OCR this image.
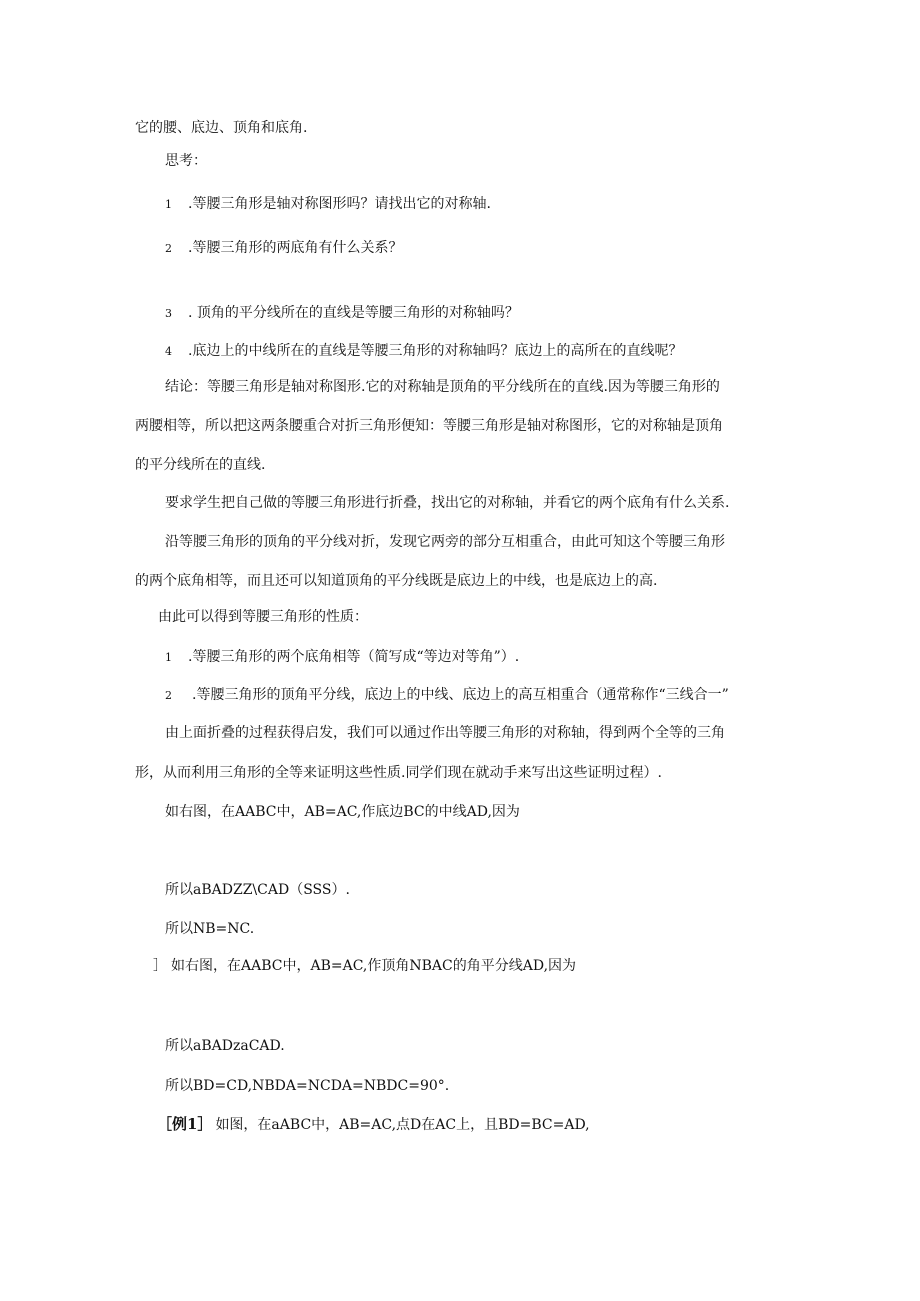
它的腰、底边、顶角和底角.
思考：
1 .等腰三角形是轴对称图形吗？请找出它的对称轴.
2 .等腰三角形的两底角有什么关系？
3 . 顶角的平分线所在的直线是等腰三角形的对称轴吗？
4 .底边上的中线所在的直线是等腰三角形的对称轴吗？底边上的高所在的直线呢？
结论：等腰三角形是轴对称图形.它的对称轴是顶角的平分线所在的直线.因为等腰三角形的
两腰相等，所以把这两条腰重合对折三角形便知：等腰三角形是轴对称图形，它的对称轴是顶角
的平分线所在的直线.
要求学生把自己做的等腰三角形进行折叠，找出它的对称轴，并看它的两个底角有什么关系.
沿等腰三角形的顶角的平分线对折，发现它两旁的部分互相重合，由此可知这个等腰三角形
的两个底角相等，而且还可以知道顶角的平分线既是底边上的中线，也是底边上的高.
由此可以得到等腰三角形的性质：
1 .等腰三角形的两个底角相等（简写成“等边对等角”）.
2 .等腰三角形的顶角平分线，底边上的中线、底边上的高互相重合（通常称作“三线合一”
由上面折叠的过程获得启发，我们可以通过作出等腰三角形的对称轴，得到两个全等的三角
形，从而利用三角形的全等来证明这些性质.同学们现在就动手来写出这些证明过程）.
如右图，在AABC中，AB=AC,作底边BC的中线AD,因为
所以aBADZZ\CAD（SSS）.
所以NB=NC.
］ 如右图，在AABC中，AB=AC,作顶角NBAC的角平分线AD,因为
所以aBADzaCAD.
所以BD=CD,NBDA=NCDA=NBDC=90°.
［例1］ 如图，在aABC中，AB=AC,点D在AC上，且BD=BC=AD,
